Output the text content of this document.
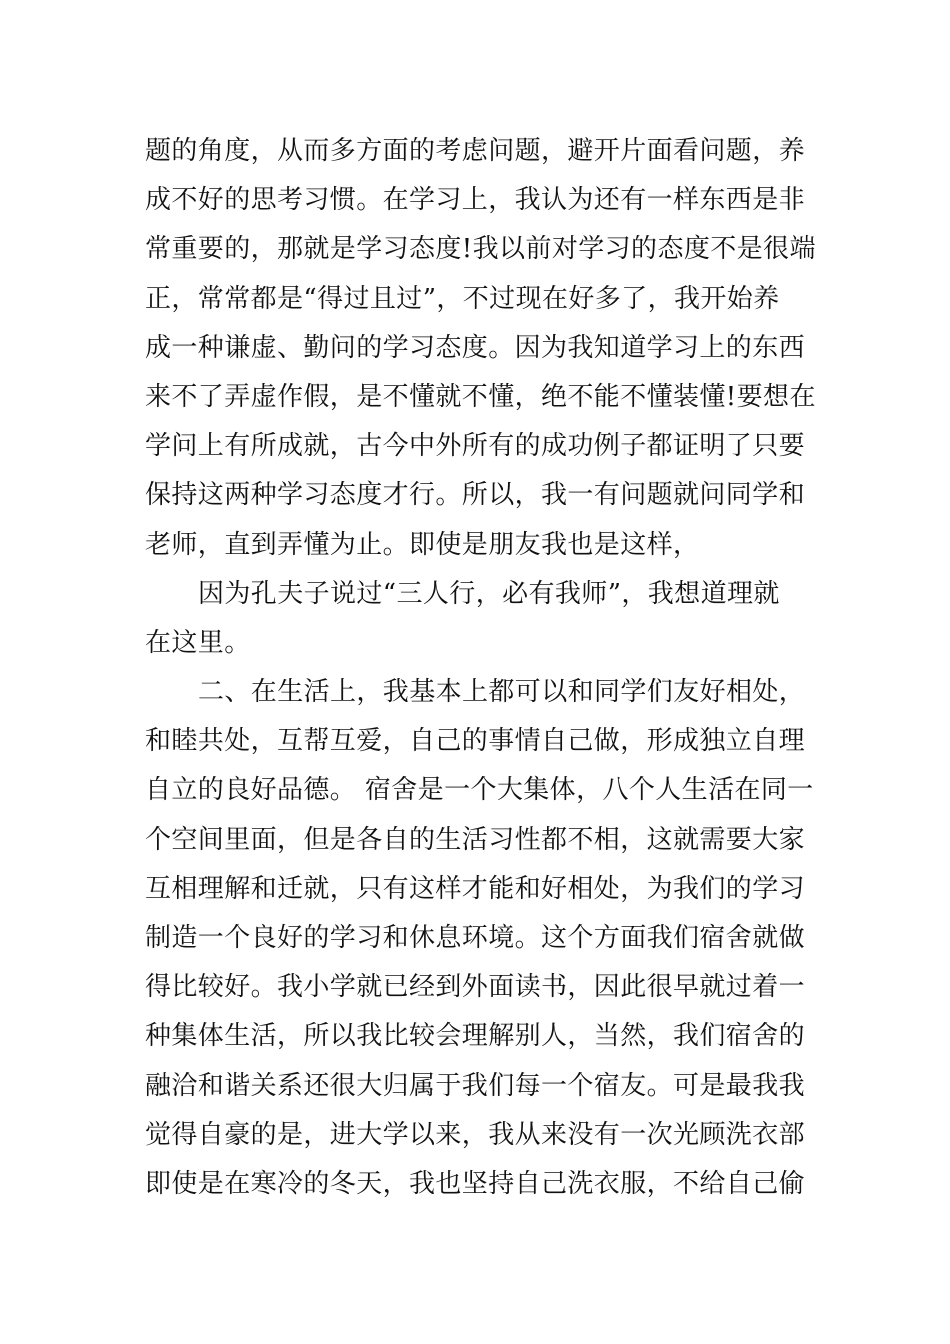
题的角度，从而多方面的考虑问题，避开片面看问题，养
成不好的思考习惯。在学习上，我认为还有一样东西是非
常重要的，那就是学习态度!我以前对学习的态度不是很端
正，常常都是“得过且过”，不过现在好多了，我开始养
成一种谦虚、勤问的学习态度。因为我知道学习上的东西
来不了弄虚作假，是不懂就不懂，绝不能不懂装懂!要想在
学问上有所成就，古今中外所有的成功例子都证明了只要
保持这两种学习态度才行。所以，我一有问题就问同学和
老师，直到弄懂为止。即使是朋友我也是这样，
因为孔夫子说过“三人行，必有我师”，我想道理就
在这里。
二、在生活上，我基本上都可以和同学们友好相处，
和睦共处，互帮互爱，自己的事情自己做，形成独立自理
自立的良好品德。 宿舍是一个大集体，八个人生活在同一
个空间里面，但是各自的生活习性都不相，这就需要大家
互相理解和迁就，只有这样才能和好相处，为我们的学习
制造一个良好的学习和休息环境。这个方面我们宿舍就做
得比较好。我小学就已经到外面读书，因此很早就过着一
种集体生活，所以我比较会理解别人，当然，我们宿舍的
融洽和谐关系还很大归属于我们每一个宿友。可是最我我
觉得自豪的是，进大学以来，我从来没有一次光顾洗衣部
即使是在寒冷的冬天，我也坚持自己洗衣服，不给自己偷
